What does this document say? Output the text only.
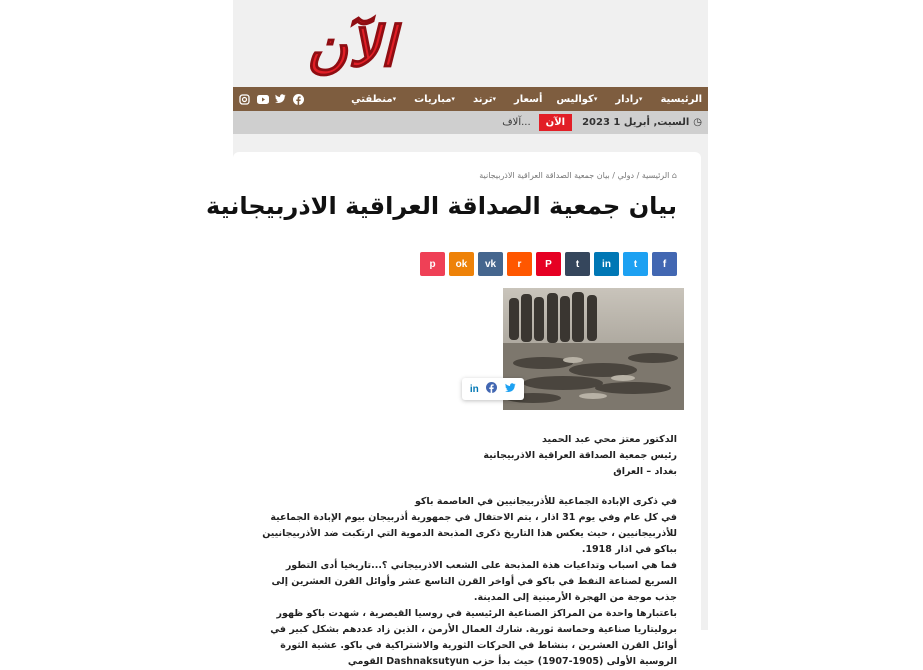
الآن
الرئيسية
رادار ▾
كواليس ▾
أسعار
ترند ▾
مباريات ▾
منطقتي ▾
السبت, أبريل 1 2023 ◷
الآن
آلاف...
⌂ الرئيسية / دولي / بيان جمعية الصداقة العراقية الاذربيجانية
بيان جمعية الصداقة العراقية الاذربيجانية
f
t
in
t
P
r
vk
ok
p
in

الدكتور معتز محي عبد الحميد

رئيس جمعية الصداقة العراقية الاذربيجانية

بغداد – العراق

في ذكرى الإبادة الجماعية للأذربيجانيين في العاصمة باكو

في كل عام وفي يوم 31 اذار ، يتم الاحتفال في جمهورية أذربيجان بيوم الإبادة الجماعية للأذربيجانيين ، حيث يعكس هذا التاريخ ذكرى المذبحة الدموية التي ارتكبت ضد الأذربيجانيين بباكو في اذار 1918.

فما هي اسباب وتداعيات هذة المذبحة على الشعب الاذربيجاني ؟...تاريخيا أدى التطور السريع لصناعة النفط في باكو في أواخر القرن التاسع عشر وأوائل القرن العشرين إلى جذب موجة من الهجرة الأرمينية إلى المدينة.

باعتبارها واحدة من المراكز الصناعية الرئيسية في روسيا القيصرية ، شهدت باكو ظهور بروليتاريا صناعية وحماسة ثورية. شارك العمال الأرمن ، الذين زاد عددهم بشكل كبير في أوائل القرن العشرين ، بنشاط في الحركات الثورية والاشتراكية في باكو. عشية الثورة الروسية الأولى (1905-1907) حيث بدأ حزب Dashnaksutyun القومي
